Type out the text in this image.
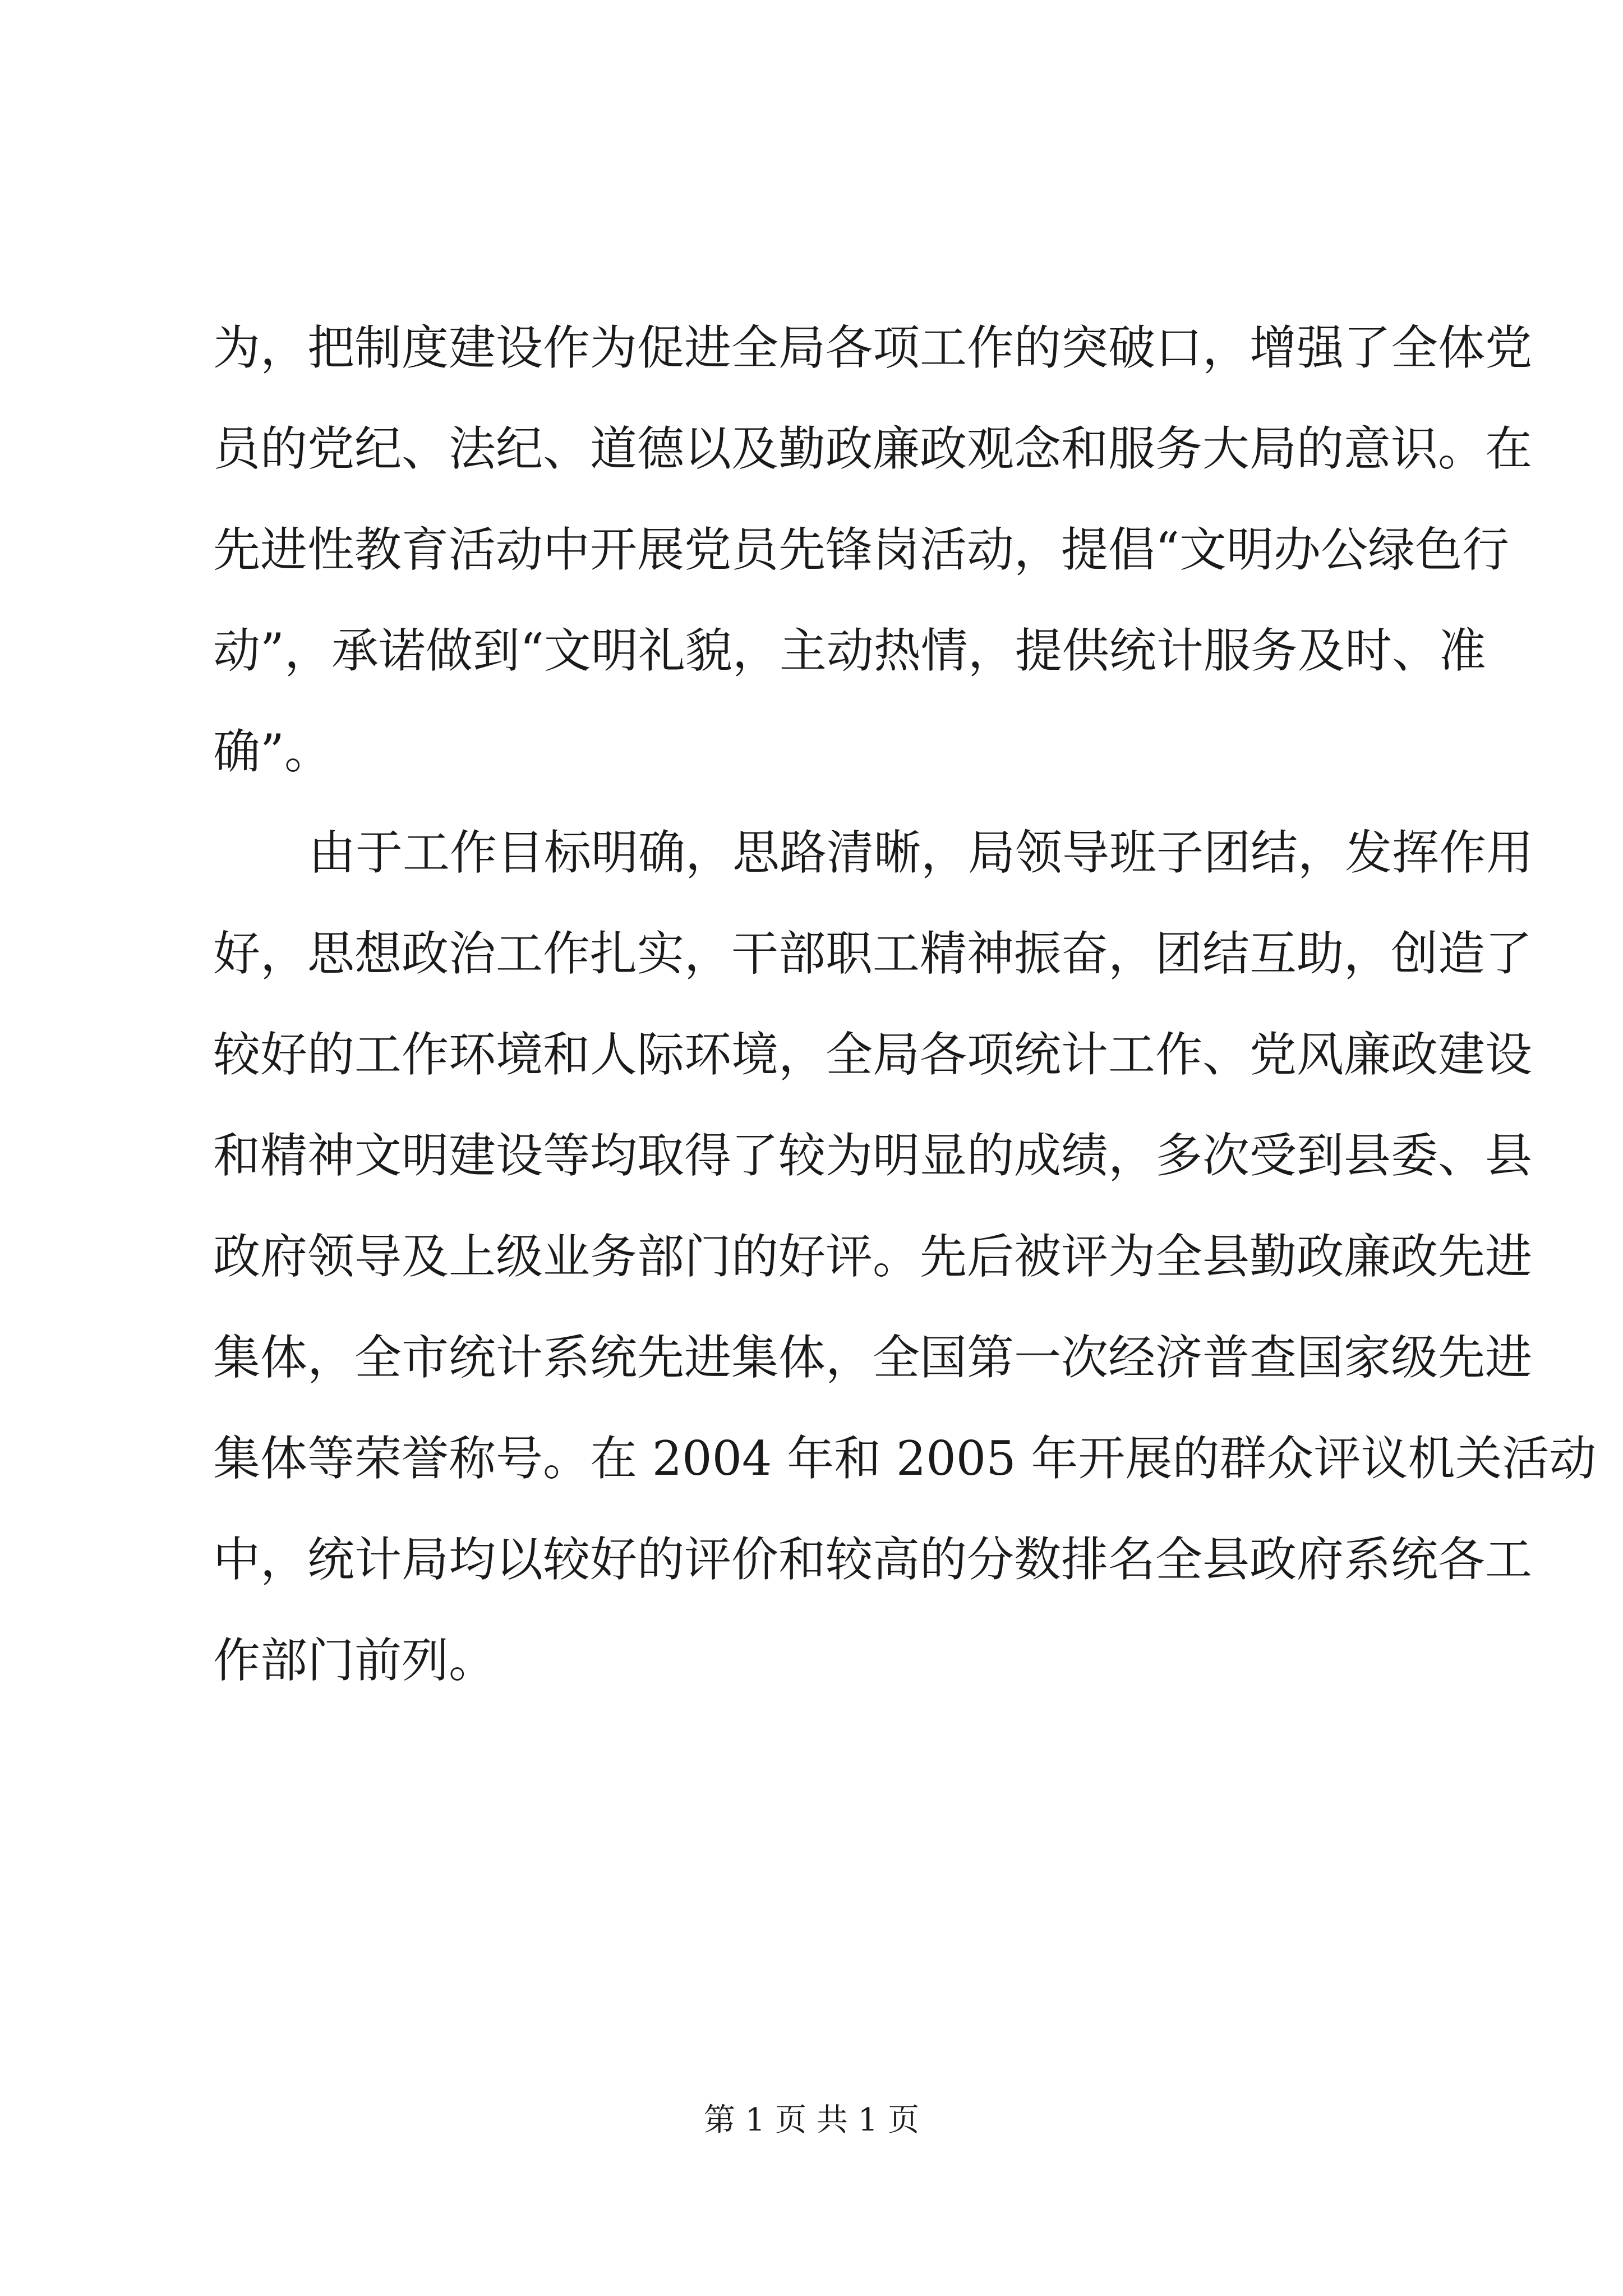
为，把制度建设作为促进全局各项工作的突破口，增强了全体党
员的党纪、法纪、道德以及勤政廉政观念和服务大局的意识。在
先进性教育活动中开展党员先锋岗活动，提倡“文明办公绿色行
动”，承诺做到“文明礼貌，主动热情，提供统计服务及时、准
确”。
由于工作目标明确，思路清晰，局领导班子团结，发挥作用
好，思想政治工作扎实，干部职工精神振奋，团结互助，创造了
较好的工作环境和人际环境，全局各项统计工作、党风廉政建设
和精神文明建设等均取得了较为明显的成绩，多次受到县委、县
政府领导及上级业务部门的好评。先后被评为全县勤政廉政先进
集体，全市统计系统先进集体，全国第一次经济普查国家级先进
集体等荣誉称号。在 2004 年和 2005 年开展的群众评议机关活动
中，统计局均以较好的评价和较高的分数排名全县政府系统各工
作部门前列。
第 1 页 共 1 页
